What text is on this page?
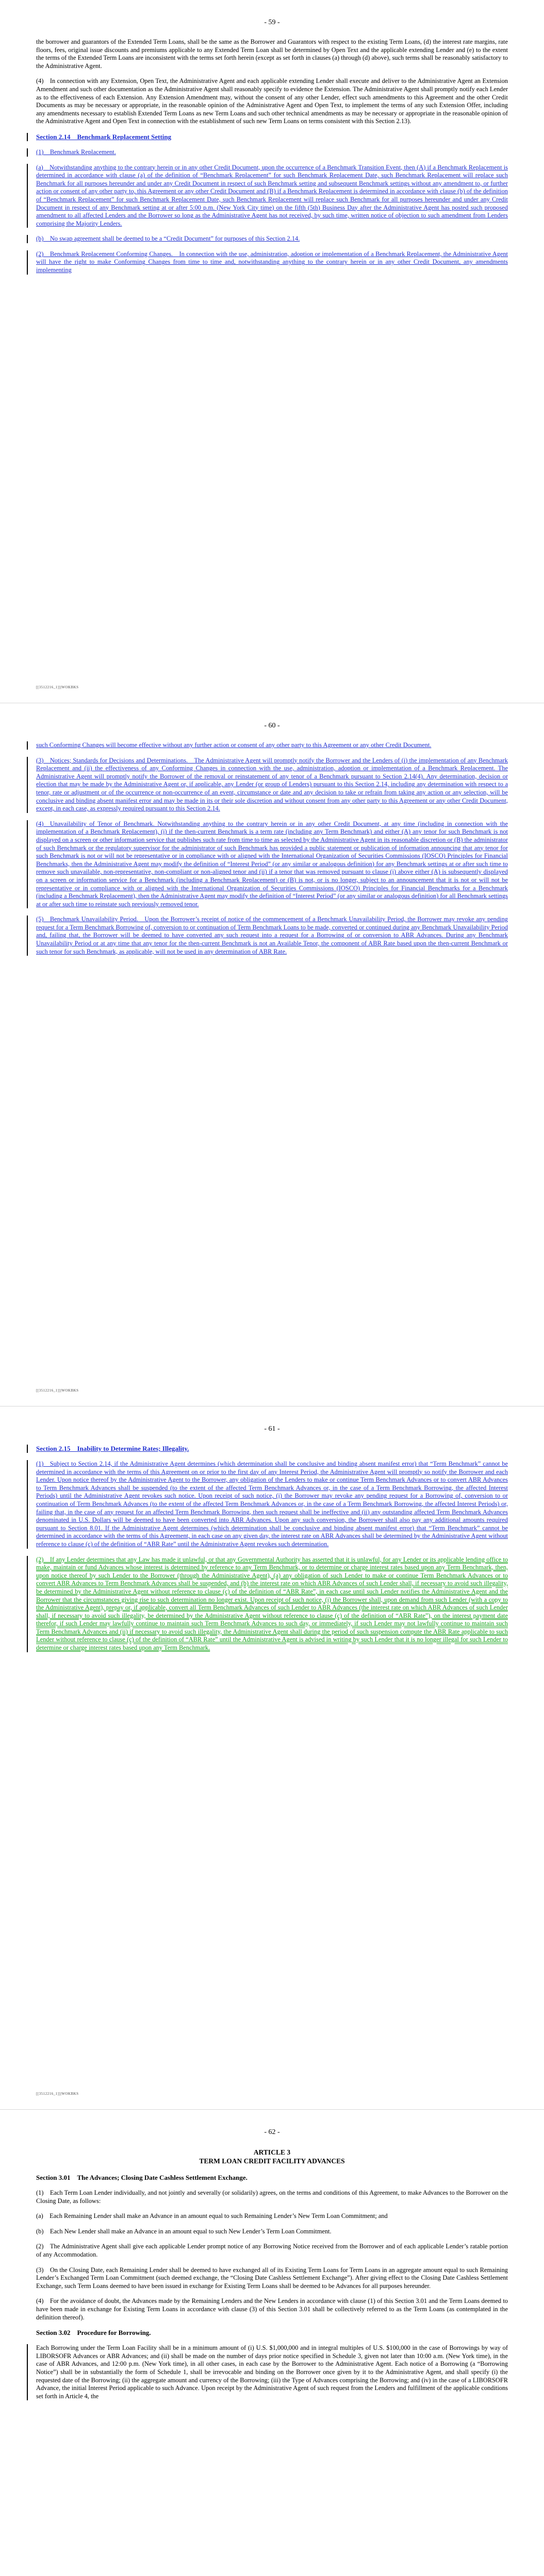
- 59 -

the borrower and guarantors of the Extended Term Loans, shall be the same as the Borrower and Guarantors with respect to the existing Term Loans, (d) the interest rate margins, rate floors, fees, original issue discounts and premiums applicable to any Extended Term Loan shall be determined by Open Text and the applicable extending Lender and (e) to the extent the terms of the Extended Term Loans are inconsistent with the terms set forth herein (except as set forth in clauses (a) through (d) above), such terms shall be reasonably satisfactory to the Administrative Agent.

(4) In connection with any Extension, Open Text, the Administrative Agent and each applicable extending Lender shall execute and deliver to the Administrative Agent an Extension Amendment and such other documentation as the Administrative Agent shall reasonably specify to evidence the Extension. The Administrative Agent shall promptly notify each Lender as to the effectiveness of each Extension. Any Extension Amendment may, without the consent of any other Lender, effect such amendments to this Agreement and the other Credit Documents as may be necessary or appropriate, in the reasonable opinion of the Administrative Agent and Open Text, to implement the terms of any such Extension Offer, including any amendments necessary to establish Extended Term Loans as new Term Loans and such other technical amendments as may be necessary or appropriate in the reasonable opinion of the Administrative Agent and Open Text in connection with the establishment of such new Term Loans on terms consistent with this Section 2.13).

Section 2.14 Benchmark Replacement Setting

(1) Benchmark Replacement.

(a) Notwithstanding anything to the contrary herein or in any other Credit Document, upon the occurrence of a Benchmark Transition Event, then (A) if a Benchmark Replacement is determined in accordance with clause (a) of the definition of “Benchmark Replacement” for such Benchmark Replacement Date, such Benchmark Replacement will replace such Benchmark for all purposes hereunder and under any Credit Document in respect of such Benchmark setting and subsequent Benchmark settings without any amendment to, or further action or consent of any other party to, this Agreement or any other Credit Document and (B) if a Benchmark Replacement is determined in accordance with clause (b) of the definition of “Benchmark Replacement” for such Benchmark Replacement Date, such Benchmark Replacement will replace such Benchmark for all purposes hereunder and under any Credit Document in respect of any Benchmark setting at or after 5:00 p.m. (New York City time) on the fifth (5th) Business Day after the Administrative Agent has posted such proposed amendment to all affected Lenders and the Borrower so long as the Administrative Agent has not received, by such time, written notice of objection to such amendment from Lenders comprising the Majority Lenders.

(b) No swap agreement shall be deemed to be a “Credit Document” for purposes of this Section 2.14.

(2) Benchmark Replacement Conforming Changes. In connection with the use, administration, adoption or implementation of a Benchmark Replacement, the Administrative Agent will have the right to make Conforming Changes from time to time and, notwithstanding anything to the contrary herein or in any other Credit Document, any amendments implementing

[[3512216_1]]|WOKBKS
- 60 -

such Conforming Changes will become effective without any further action or consent of any other party to this Agreement or any other Credit Document.

(3) Notices; Standards for Decisions and Determinations. The Administrative Agent will promptly notify the Borrower and the Lenders of (i) the implementation of any Benchmark Replacement and (ii) the effectiveness of any Conforming Changes in connection with the use, administration, adoption or implementation of a Benchmark Replacement. The Administrative Agent will promptly notify the Borrower of the removal or reinstatement of any tenor of a Benchmark pursuant to Section 2.14(4). Any determination, decision or election that may be made by the Administrative Agent or, if applicable, any Lender (or group of Lenders) pursuant to this Section 2.14, including any determination with respect to a tenor, rate or adjustment or of the occurrence or non-occurrence of an event, circumstance or date and any decision to take or refrain from taking any action or any selection, will be conclusive and binding absent manifest error and may be made in its or their sole discretion and without consent from any other party to this Agreement or any other Credit Document, except, in each case, as expressly required pursuant to this Section 2.14.

(4) Unavailability of Tenor of Benchmark. Notwithstanding anything to the contrary herein or in any other Credit Document, at any time (including in connection with the implementation of a Benchmark Replacement), (i) if the then-current Benchmark is a term rate (including any Term Benchmark) and either (A) any tenor for such Benchmark is not displayed on a screen or other information service that publishes such rate from time to time as selected by the Administrative Agent in its reasonable discretion or (B) the administrator of such Benchmark or the regulatory supervisor for the administrator of such Benchmark has provided a public statement or publication of information announcing that any tenor for such Benchmark is not or will not be representative or in compliance with or aligned with the International Organization of Securities Commissions (IOSCO) Principles for Financial Benchmarks, then the Administrative Agent may modify the definition of “Interest Period” (or any similar or analogous definition) for any Benchmark settings at or after such time to remove such unavailable, non-representative, non-compliant or non-aligned tenor and (ii) if a tenor that was removed pursuant to clause (i) above either (A) is subsequently displayed on a screen or information service for a Benchmark (including a Benchmark Replacement) or (B) is not, or is no longer, subject to an announcement that it is not or will not be representative or in compliance with or aligned with the International Organization of Securities Commissions (IOSCO) Principles for Financial Benchmarks for a Benchmark (including a Benchmark Replacement), then the Administrative Agent may modify the definition of “Interest Period” (or any similar or analogous definition) for all Benchmark settings at or after such time to reinstate such previously removed tenor.

(5) Benchmark Unavailability Period. Upon the Borrower’s receipt of notice of the commencement of a Benchmark Unavailability Period, the Borrower may revoke any pending request for a Term Benchmark Borrowing of, conversion to or continuation of Term Benchmark Loans to be made, converted or continued during any Benchmark Unavailability Period and, failing that, the Borrower will be deemed to have converted any such request into a request for a Borrowing of or conversion to ABR Advances. During any Benchmark Unavailability Period or at any time that any tenor for the then-current Benchmark is not an Available Tenor, the component of ABR Rate based upon the then-current Benchmark or such tenor for such Benchmark, as applicable, will not be used in any determination of ABR Rate.

[[3512216_1]]|WOKBKS
- 61 -

Section 2.15 Inability to Determine Rates; Illegality.

(1) Subject to Section 2.14, if the Administrative Agent determines (which determination shall be conclusive and binding absent manifest error) that “Term Benchmark” cannot be determined in accordance with the terms of this Agreement on or prior to the first day of any Interest Period, the Administrative Agent will promptly so notify the Borrower and each Lender. Upon notice thereof by the Administrative Agent to the Borrower, any obligation of the Lenders to make or continue Term Benchmark Advances or to convert ABR Advances to Term Benchmark Advances shall be suspended (to the extent of the affected Term Benchmark Advances or, in the case of a Term Benchmark Borrowing, the affected Interest Periods) until the Administrative Agent revokes such notice. Upon receipt of such notice, (i) the Borrower may revoke any pending request for a Borrowing of, conversion to or continuation of Term Benchmark Advances (to the extent of the affected Term Benchmark Advances or, in the case of a Term Benchmark Borrowing, the affected Interest Periods) or, failing that, in the case of any request for an affected Term Benchmark Borrowing, then such request shall be ineffective and (ii) any outstanding affected Term Benchmark Advances denominated in U.S. Dollars will be deemed to have been converted into ABR Advances. Upon any such conversion, the Borrower shall also pay any additional amounts required pursuant to Section 8.01. If the Administrative Agent determines (which determination shall be conclusive and binding absent manifest error) that “Term Benchmark” cannot be determined in accordance with the terms of this Agreement, in each case on any given day, the interest rate on ABR Advances shall be determined by the Administrative Agent without reference to clause (c) of the definition of “ABR Rate” until the Administrative Agent revokes such determination.

(2) If any Lender determines that any Law has made it unlawful, or that any Governmental Authority has asserted that it is unlawful, for any Lender or its applicable lending office to make, maintain or fund Advances whose interest is determined by reference to any Term Benchmark, or to determine or charge interest rates based upon any Term Benchmark, then, upon notice thereof by such Lender to the Borrower (through the Administrative Agent), (a) any obligation of such Lender to make or continue Term Benchmark Advances or to convert ABR Advances to Term Benchmark Advances shall be suspended, and (b) the interest rate on which ABR Advances of such Lender shall, if necessary to avoid such illegality, be determined by the Administrative Agent without reference to clause (c) of the definition of “ABR Rate”, in each case until such Lender notifies the Administrative Agent and the Borrower that the circumstances giving rise to such determination no longer exist. Upon receipt of such notice, (i) the Borrower shall, upon demand from such Lender (with a copy to the Administrative Agent), prepay or, if applicable, convert all Term Benchmark Advances of such Lender to ABR Advances (the interest rate on which ABR Advances of such Lender shall, if necessary to avoid such illegality, be determined by the Administrative Agent without reference to clause (c) of the definition of “ABR Rate”), on the interest payment date therefor, if such Lender may lawfully continue to maintain such Term Benchmark Advances to such day, or immediately, if such Lender may not lawfully continue to maintain such Term Benchmark Advances and (ii) if necessary to avoid such illegality, the Administrative Agent shall during the period of such suspension compute the ABR Rate applicable to such Lender without reference to clause (c) of the definition of “ABR Rate” until the Administrative Agent is advised in writing by such Lender that it is no longer illegal for such Lender to determine or charge interest rates based upon any Term Benchmark.

[[3512216_1]]|WOKBKS
- 62 -
ARTICLE 3
TERM LOAN CREDIT FACILITY ADVANCES

Section 3.01 The Advances; Closing Date Cashless Settlement Exchange.

(1) Each Term Loan Lender individually, and not jointly and severally (or solidarily) agrees, on the terms and conditions of this Agreement, to make Advances to the Borrower on the Closing Date, as follows:

(a) Each Remaining Lender shall make an Advance in an amount equal to such Remaining Lender’s New Term Loan Commitment; and

(b) Each New Lender shall make an Advance in an amount equal to such New Lender’s Term Loan Commitment.

(2) The Administrative Agent shall give each applicable Lender prompt notice of any Borrowing Notice received from the Borrower and of each applicable Lender’s ratable portion of any Accommodation.

(3) On the Closing Date, each Remaining Lender shall be deemed to have exchanged all of its Existing Term Loans for Term Loans in an aggregate amount equal to such Remaining Lender’s Exchanged Term Loan Commitment (such deemed exchange, the “Closing Date Cashless Settlement Exchange”). After giving effect to the Closing Date Cashless Settlement Exchange, such Term Loans deemed to have been issued in exchange for Existing Term Loans shall be deemed to be Advances for all purposes hereunder.

(4) For the avoidance of doubt, the Advances made by the Remaining Lenders and the New Lenders in accordance with clause (1) of this Section 3.01 and the Term Loans deemed to have been made in exchange for Existing Term Loans in accordance with clause (3) of this Section 3.01 shall be collectively referred to as the Term Loans (as contemplated in the definition thereof).

Section 3.02 Procedure for Borrowing.

Each Borrowing under the Term Loan Facility shall be in a minimum amount of (i) U.S. $1,000,000 and in integral multiples of U.S. $100,000 in the case of Borrowings by way of LIBORSOFR Advances or ABR Advances; and (ii) shall be made on the number of days prior notice specified in Schedule 3, given not later than 10:00 a.m. (New York time), in the case of ABR Advances, and 12:00 p.m. (New York time), in all other cases, in each case by the Borrower to the Administrative Agent. Each notice of a Borrowing (a “Borrowing Notice”) shall be in substantially the form of Schedule 1, shall be irrevocable and binding on the Borrower once given by it to the Administrative Agent, and shall specify (i) the requested date of the Borrowing; (ii) the aggregate amount and currency of the Borrowing; (iii) the Type of Advances comprising the Borrowing; and (iv) in the case of a LIBORSOFR Advance, the initial Interest Period applicable to such Advance. Upon receipt by the Administrative Agent of such request from the Lenders and fulfillment of the applicable conditions set forth in Article 4, the
